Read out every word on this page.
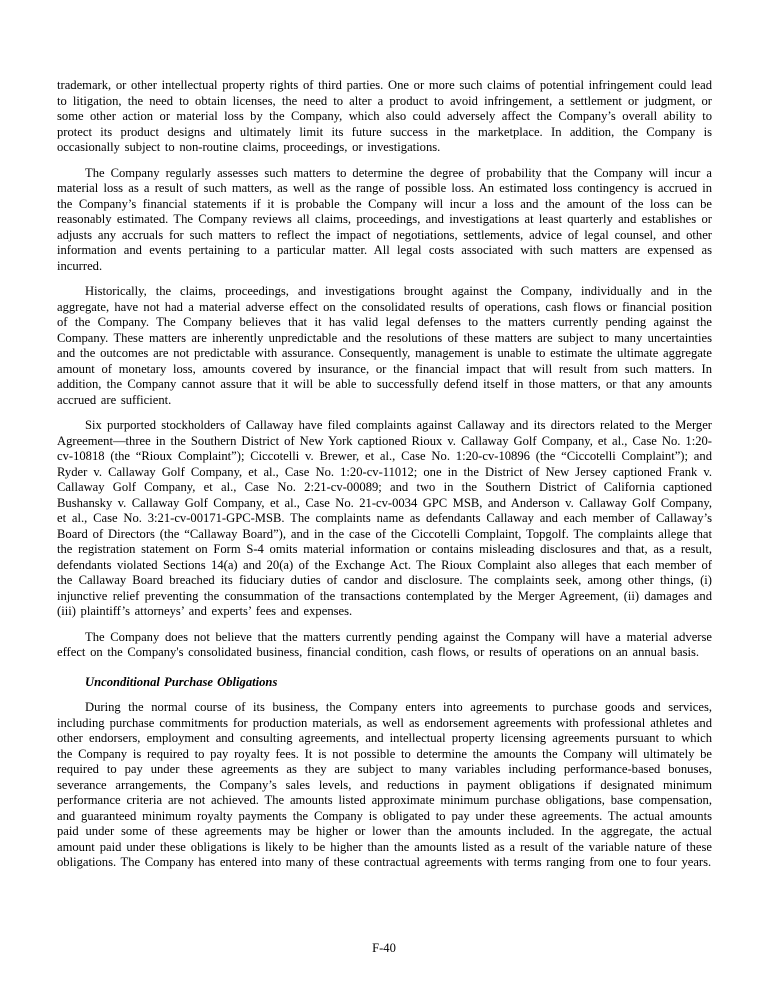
trademark, or other intellectual property rights of third parties. One or more such claims of potential infringement could lead to litigation, the need to obtain licenses, the need to alter a product to avoid infringement, a settlement or judgment, or some other action or material loss by the Company, which also could adversely affect the Company’s overall ability to protect its product designs and ultimately limit its future success in the marketplace. In addition, the Company is occasionally subject to non-routine claims, proceedings, or investigations.

The Company regularly assesses such matters to determine the degree of probability that the Company will incur a material loss as a result of such matters, as well as the range of possible loss. An estimated loss contingency is accrued in the Company’s financial statements if it is probable the Company will incur a loss and the amount of the loss can be reasonably estimated. The Company reviews all claims, proceedings, and investigations at least quarterly and establishes or adjusts any accruals for such matters to reflect the impact of negotiations, settlements, advice of legal counsel, and other information and events pertaining to a particular matter. All legal costs associated with such matters are expensed as incurred.

Historically, the claims, proceedings, and investigations brought against the Company, individually and in the aggregate, have not had a material adverse effect on the consolidated results of operations, cash flows or financial position of the Company. The Company believes that it has valid legal defenses to the matters currently pending against the Company. These matters are inherently unpredictable and the resolutions of these matters are subject to many uncertainties and the outcomes are not predictable with assurance. Consequently, management is unable to estimate the ultimate aggregate amount of monetary loss, amounts covered by insurance, or the financial impact that will result from such matters. In addition, the Company cannot assure that it will be able to successfully defend itself in those matters, or that any amounts accrued are sufficient.

Six purported stockholders of Callaway have filed complaints against Callaway and its directors related to the Merger Agreement—three in the Southern District of New York captioned Rioux v. Callaway Golf Company, et al., Case No. 1:20-cv-10818 (the “Rioux Complaint”); Ciccotelli v. Brewer, et al., Case No. 1:20-cv-10896 (the “Ciccotelli Complaint”); and Ryder v. Callaway Golf Company, et al., Case No. 1:20-cv-11012; one in the District of New Jersey captioned Frank v. Callaway Golf Company, et al., Case No. 2:21-cv-00089; and two in the Southern District of California captioned Bushansky v. Callaway Golf Company, et al., Case No. 21-cv-0034 GPC MSB, and Anderson v. Callaway Golf Company, et al., Case No. 3:21-cv-00171-GPC-MSB. The complaints name as defendants Callaway and each member of Callaway’s Board of Directors (the “Callaway Board”), and in the case of the Ciccotelli Complaint, Topgolf. The complaints allege that the registration statement on Form S-4 omits material information or contains misleading disclosures and that, as a result, defendants violated Sections 14(a) and 20(a) of the Exchange Act. The Rioux Complaint also alleges that each member of the Callaway Board breached its fiduciary duties of candor and disclosure. The complaints seek, among other things, (i) injunctive relief preventing the consummation of the transactions contemplated by the Merger Agreement, (ii) damages and (iii) plaintiff’s attorneys’ and experts’ fees and expenses.

The Company does not believe that the matters currently pending against the Company will have a material adverse effect on the Company's consolidated business, financial condition, cash flows, or results of operations on an annual basis.

Unconditional Purchase Obligations

During the normal course of its business, the Company enters into agreements to purchase goods and services, including purchase commitments for production materials, as well as endorsement agreements with professional athletes and other endorsers, employment and consulting agreements, and intellectual property licensing agreements pursuant to which the Company is required to pay royalty fees. It is not possible to determine the amounts the Company will ultimately be required to pay under these agreements as they are subject to many variables including performance-based bonuses, severance arrangements, the Company’s sales levels, and reductions in payment obligations if designated minimum performance criteria are not achieved. The amounts listed approximate minimum purchase obligations, base compensation, and guaranteed minimum royalty payments the Company is obligated to pay under these agreements. The actual amounts paid under some of these agreements may be higher or lower than the amounts included. In the aggregate, the actual amount paid under these obligations is likely to be higher than the amounts listed as a result of the variable nature of these obligations. The Company has entered into many of these contractual agreements with terms ranging from one to four years.

F-40
